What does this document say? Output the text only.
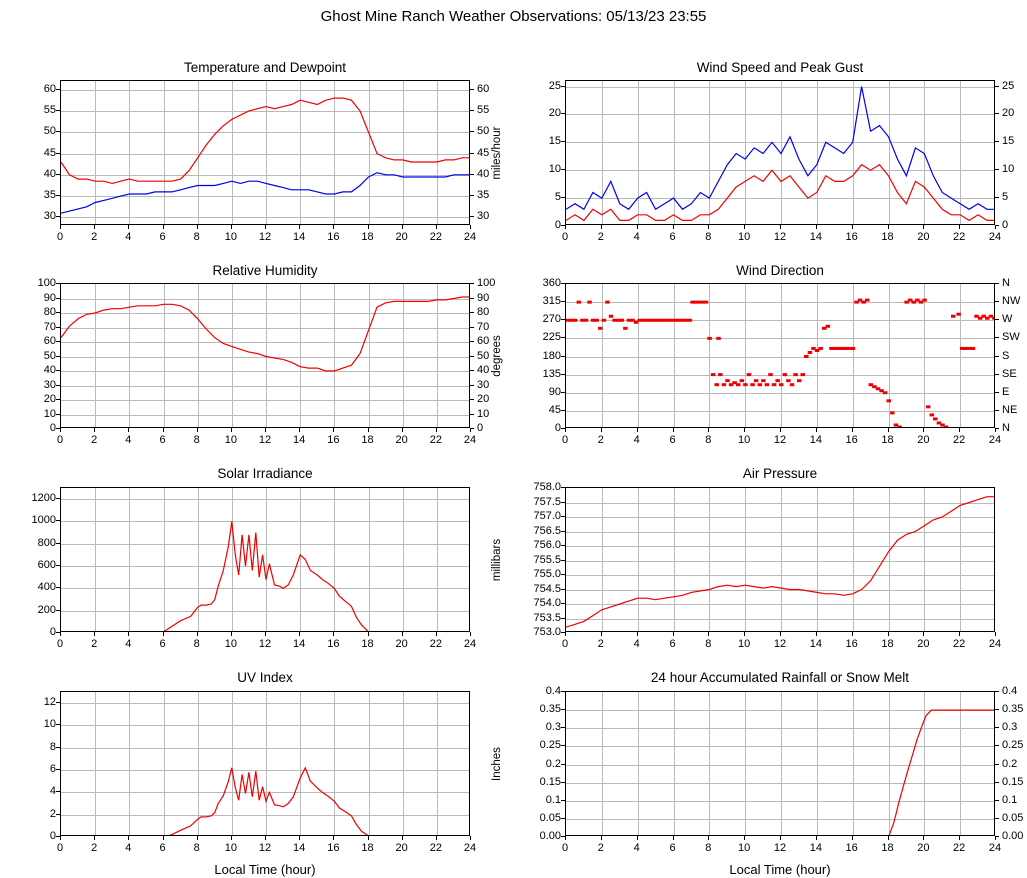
Ghost Mine Ranch Weather Observations: 05/13/23 23:55
Temperature and Dewpoint
0	2	4	6	8 10 12 14 16 18 20 22 24
30
35
40
45
50
55
60
30
35
40
45
50
55
60
Wind Speed and Peak Gust
0	2	4	6	8 10 12 14 16 18 20 22 24
0
5
10
15
20
25
0
5
10
15
20
25
miles/hour
Relative Humidity
0	2	4	6	8 10 12 14 16 18 20 22 24
0
10
20
30
40
50
60
70
80
90
100
0
10
20
30
40
50
60
70
80
90
100
Wind Direction
0	2	4	6	8 10 12 14 16 18 20 22 24
0
45
90
135
180
225
270
315
360
N
NE
E
SE
S
SW
W
NW
N
degrees
Solar Irradiance
0	2	4	6	8 10 12 14 16 18 20 22 24
0
200
400
600
800
1000
1200
Air Pressure
0	2	4	6	8 10 12 14 16 18 20 22 24
753.0
753.5
754.0
754.5
755.0
755.5
756.0
756.5
757.0
757.5
758.0
millibars
UV Index
0	2	4	6	8 10 12 14 16 18 20 22 24
0
2
4
6
8
10
12
Local Time (hour)
24 hour Accumulated Rainfall or Snow Melt
0	2	4	6	8 10 12 14 16 18 20 22 24
0.00
0.05
0.1
0.15
0.2
0.25
0.3
0.35
0.4
0.00
0.05
0.1
0.15
0.2
0.25
0.3
0.35
0.4
Inches
Local Time (hour)
